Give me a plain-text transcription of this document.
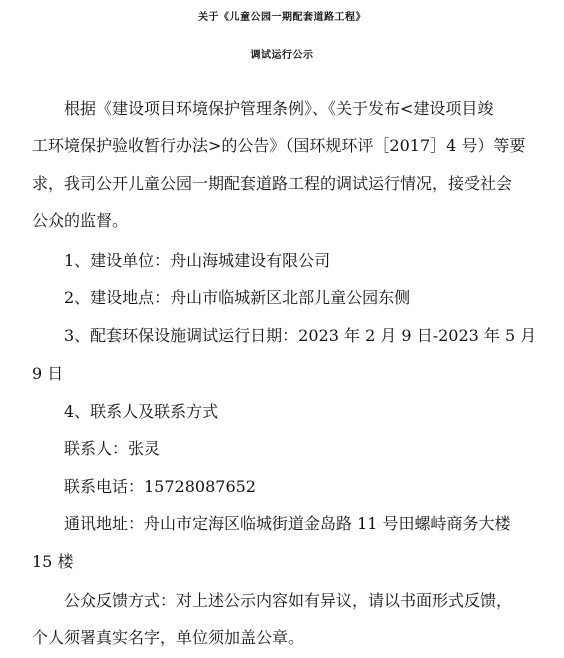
关于《儿童公园一期配套道路工程》
调试运行公示
根据《建设项目环境保护管理条例》、《关于发布<建设项目竣
工环境保护验收暂行办法>的公告》（国环规环评［2017］4 号）等要
求，我司公开儿童公园一期配套道路工程的调试运行情况，接受社会
公众的监督。
1、建设单位：舟山海城建设有限公司
2、建设地点：舟山市临城新区北部儿童公园东侧
3、配套环保设施调试运行日期：2023 年 2 月 9 日-2023 年 5 月
9 日
4、联系人及联系方式
联系人：张灵
联系电话：15728087652
通讯地址：舟山市定海区临城街道金岛路 11 号田螺峙商务大楼
15 楼
公众反馈方式：对上述公示内容如有异议，请以书面形式反馈，
个人须署真实名字，单位须加盖公章。
